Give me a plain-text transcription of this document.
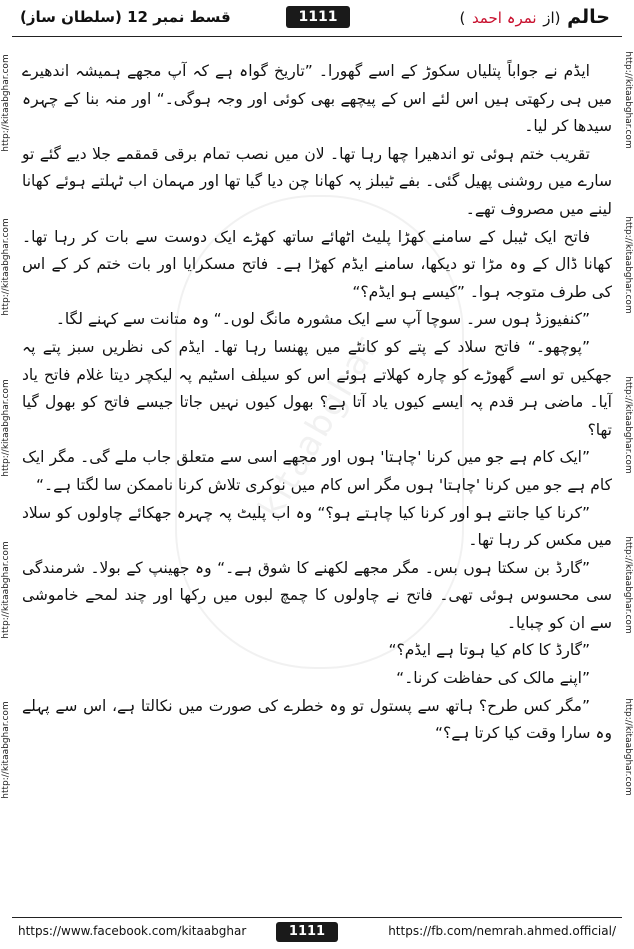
قسط نمبر 12 (سلطان ساز)	1111	حالم (از نمرہ احمد )
http://kitaabghar.com
http://kitaabghar.com
http://kitaabghar.com
http://kitaabghar.com
http://kitaabghar.com
http://kitaabghar.com
http://kitaabghar.com
http://kitaabghar.com
http://kitaabghar.com
http://kitaabghar.com
kitaabghar

ایڈم نے جواباً پتلیاں سکوڑ کے اسے گھورا۔ ”تاریخ گواہ ہے کہ آپ مجھے ہمیشہ اندھیرے میں ہی رکھتی ہیں اس لئے اس کے پیچھے بھی کوئی اور وجہ ہوگی۔“ اور منہ بنا کے چہرہ سیدھا کر لیا۔

تقریب ختم ہوئی تو اندھیرا چھا رہا تھا۔ لان میں نصب تمام برقی قمقمے جلا دیے گئے تو سارے میں روشنی پھیل گئی۔ بفے ٹیبلز پہ کھانا چن دیا گیا تھا اور مہمان اب ٹہلتے ہوئے کھانا لینے میں مصروف تھے۔

فاتح ایک ٹیبل کے سامنے کھڑا پلیٹ اٹھائے ساتھ کھڑے ایک دوست سے بات کر رہا تھا۔ کھانا ڈال کے وہ مڑا تو دیکھا، سامنے ایڈم کھڑا ہے۔ فاتح مسکرایا اور بات ختم کر کے اس کی طرف متوجہ ہوا۔ ”کیسے ہو ایڈم؟“

”کنفیوزڈ ہوں سر۔ سوچا آپ سے ایک مشورہ مانگ لوں۔“ وہ متانت سے کہنے لگا۔

”پوچھو۔“ فاتح سلاد کے پتے کو کانٹے میں پھنسا رہا تھا۔ ایڈم کی نظریں سبز پتے پہ جھکیں تو اسے گھوڑے کو چارہ کھلاتے ہوئے اس کو سیلف اسٹیم پہ لیکچر دیتا غلام فاتح یاد آیا۔ ماضی ہر قدم پہ ایسے کیوں یاد آتا ہے؟ بھول کیوں نہیں جاتا جیسے فاتح کو بھول گیا تھا؟

”ایک کام ہے جو میں کرنا 'چاہتا' ہوں اور مجھے اسی سے متعلق جاب ملے گی۔ مگر ایک کام ہے جو میں کرنا 'چاہتا' ہوں مگر اس کام میں نوکری تلاش کرنا ناممکن سا لگتا ہے۔“

”کرنا کیا جانتے ہو اور کرنا کیا چاہتے ہو؟“ وہ اب پلیٹ پہ چہرہ جھکائے چاولوں کو سلاد میں مکس کر رہا تھا۔

”گارڈ بن سکتا ہوں بس۔ مگر مجھے لکھنے کا شوق ہے۔“ وہ جھینپ کے بولا۔ شرمندگی سی محسوس ہوئی تھی۔ فاتح نے چاولوں کا چمچ لبوں میں رکھا اور چند لمحے خاموشی سے ان کو چبایا۔

”گارڈ کا کام کیا ہوتا ہے ایڈم؟“

”اپنے مالک کی حفاظت کرنا۔“

”مگر کس طرح؟ ہاتھ سے پستول تو وہ خطرے کی صورت میں نکالتا ہے، اس سے پہلے وہ سارا وقت کیا کرتا ہے؟“

https://www.facebook.com/kitaabghar	1111	https://fb.com/nemrah.ahmed.official/
